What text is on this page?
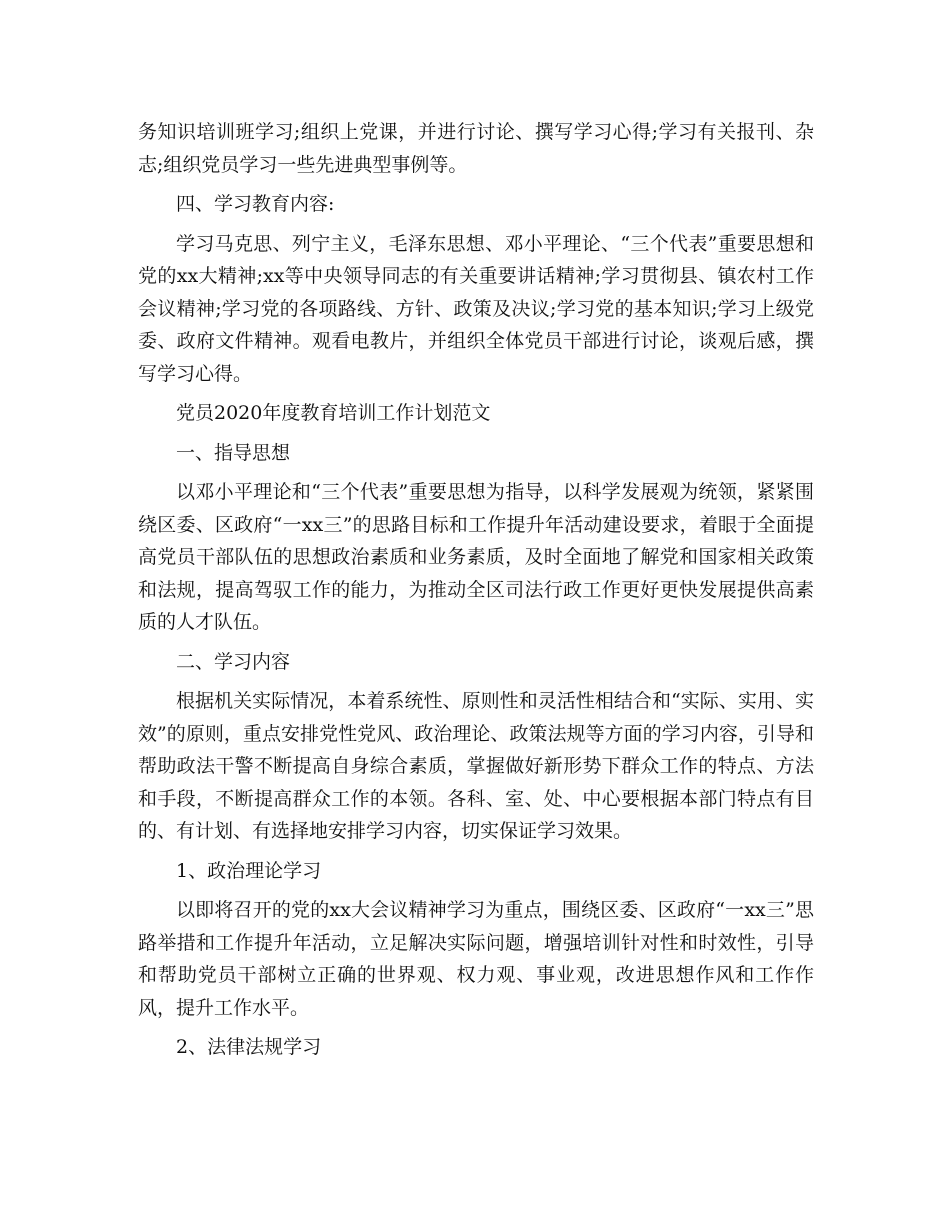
务知识培训班学习;组织上党课，并进行讨论、撰写学习心得;学习有关报刊、杂志;组织党员学习一些先进典型事例等。

四、学习教育内容:

学习马克思、列宁主义，毛泽东思想、邓小平理论、“三个代表”重要思想和党的xx大精神;xx等中央领导同志的有关重要讲话精神;学习贯彻县、镇农村工作会议精神;学习党的各项路线、方针、政策及决议;学习党的基本知识;学习上级党委、政府文件精神。观看电教片，并组织全体党员干部进行讨论，谈观后感，撰写学习心得。

党员2020年度教育培训工作计划范文

一、指导思想

以邓小平理论和“三个代表”重要思想为指导，以科学发展观为统领，紧紧围绕区委、区政府“一xx三”的思路目标和工作提升年活动建设要求，着眼于全面提高党员干部队伍的思想政治素质和业务素质，及时全面地了解党和国家相关政策和法规，提高驾驭工作的能力，为推动全区司法行政工作更好更快发展提供高素质的人才队伍。

二、学习内容

根据机关实际情况，本着系统性、原则性和灵活性相结合和“实际、实用、实效”的原则，重点安排党性党风、政治理论、政策法规等方面的学习内容，引导和帮助政法干警不断提高自身综合素质，掌握做好新形势下群众工作的特点、方法和手段，不断提高群众工作的本领。各科、室、处、中心要根据本部门特点有目的、有计划、有选择地安排学习内容，切实保证学习效果。

1、政治理论学习

以即将召开的党的xx大会议精神学习为重点，围绕区委、区政府“一xx三”思路举措和工作提升年活动，立足解决实际问题，增强培训针对性和时效性，引导和帮助党员干部树立正确的世界观、权力观、事业观，改进思想作风和工作作风，提升工作水平。

2、法律法规学习
